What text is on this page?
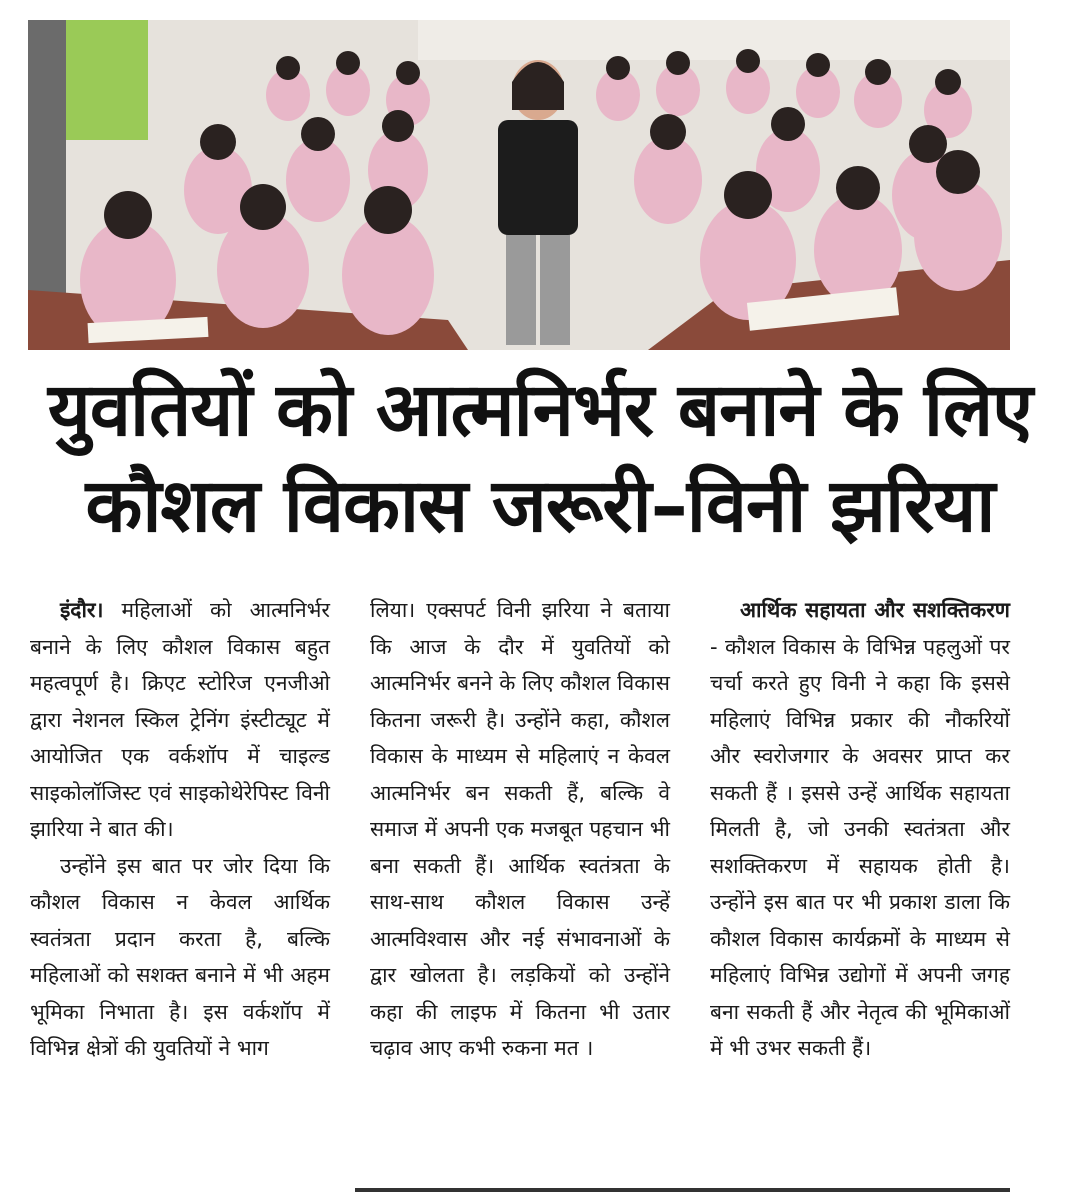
युवतियों को आत्मनिर्भर बनाने के लिए
कौशल विकास जरूरी–विनी झरिया

इंदौर। महिलाओं को आत्मनिर्भर बनाने के लिए कौशल विकास बहुत महत्वपूर्ण है। क्रिएट स्टोरिज एनजीओ द्वारा नेशनल स्किल ट्रेनिंग इंस्टीट्यूट में आयोजित एक वर्कशॉप में चाइल्ड साइकोलॉजिस्ट एवं साइकोथेरेपिस्ट विनी झारिया ने बात की।

उन्होंने इस बात पर जोर दिया कि कौशल विकास न केवल आर्थिक स्वतंत्रता प्रदान करता है, बल्कि महिलाओं को सशक्त बनाने में भी अहम भूमिका निभाता है। इस वर्कशॉप में विभिन्न क्षेत्रों की युवतियों ने भाग

लिया। एक्सपर्ट विनी झरिया ने बताया कि आज के दौर में युवतियों को आत्मनिर्भर बनने के लिए कौशल विकास कितना जरूरी है। उन्होंने कहा, कौशल विकास के माध्यम से महिलाएं न केवल आत्मनिर्भर बन सकती हैं, बल्कि वे समाज में अपनी एक मजबूत पहचान भी बना सकती हैं। आर्थिक स्वतंत्रता के साथ-साथ कौशल विकास उन्हें आत्मविश्वास और नई संभावनाओं के द्वार खोलता है। लड़कियों को उन्होंने कहा की लाइफ में कितना भी उतार चढ़ाव आए कभी रुकना मत ।

आर्थिक सहायता और सशक्तिकरण - कौशल विकास के विभिन्न पहलुओं पर चर्चा करते हुए विनी ने कहा कि इससे महिलाएं विभिन्न प्रकार की नौकरियों और स्वरोजगार के अवसर प्राप्त कर सकती हैं । इससे उन्हें आर्थिक सहायता मिलती है, जो उनकी स्वतंत्रता और सशक्तिकरण में सहायक होती है। उन्होंने इस बात पर भी प्रकाश डाला कि कौशल विकास कार्यक्रमों के माध्यम से महिलाएं विभिन्न उद्योगों में अपनी जगह बना सकती हैं और नेतृत्व की भूमिकाओं में भी उभर सकती हैं।
